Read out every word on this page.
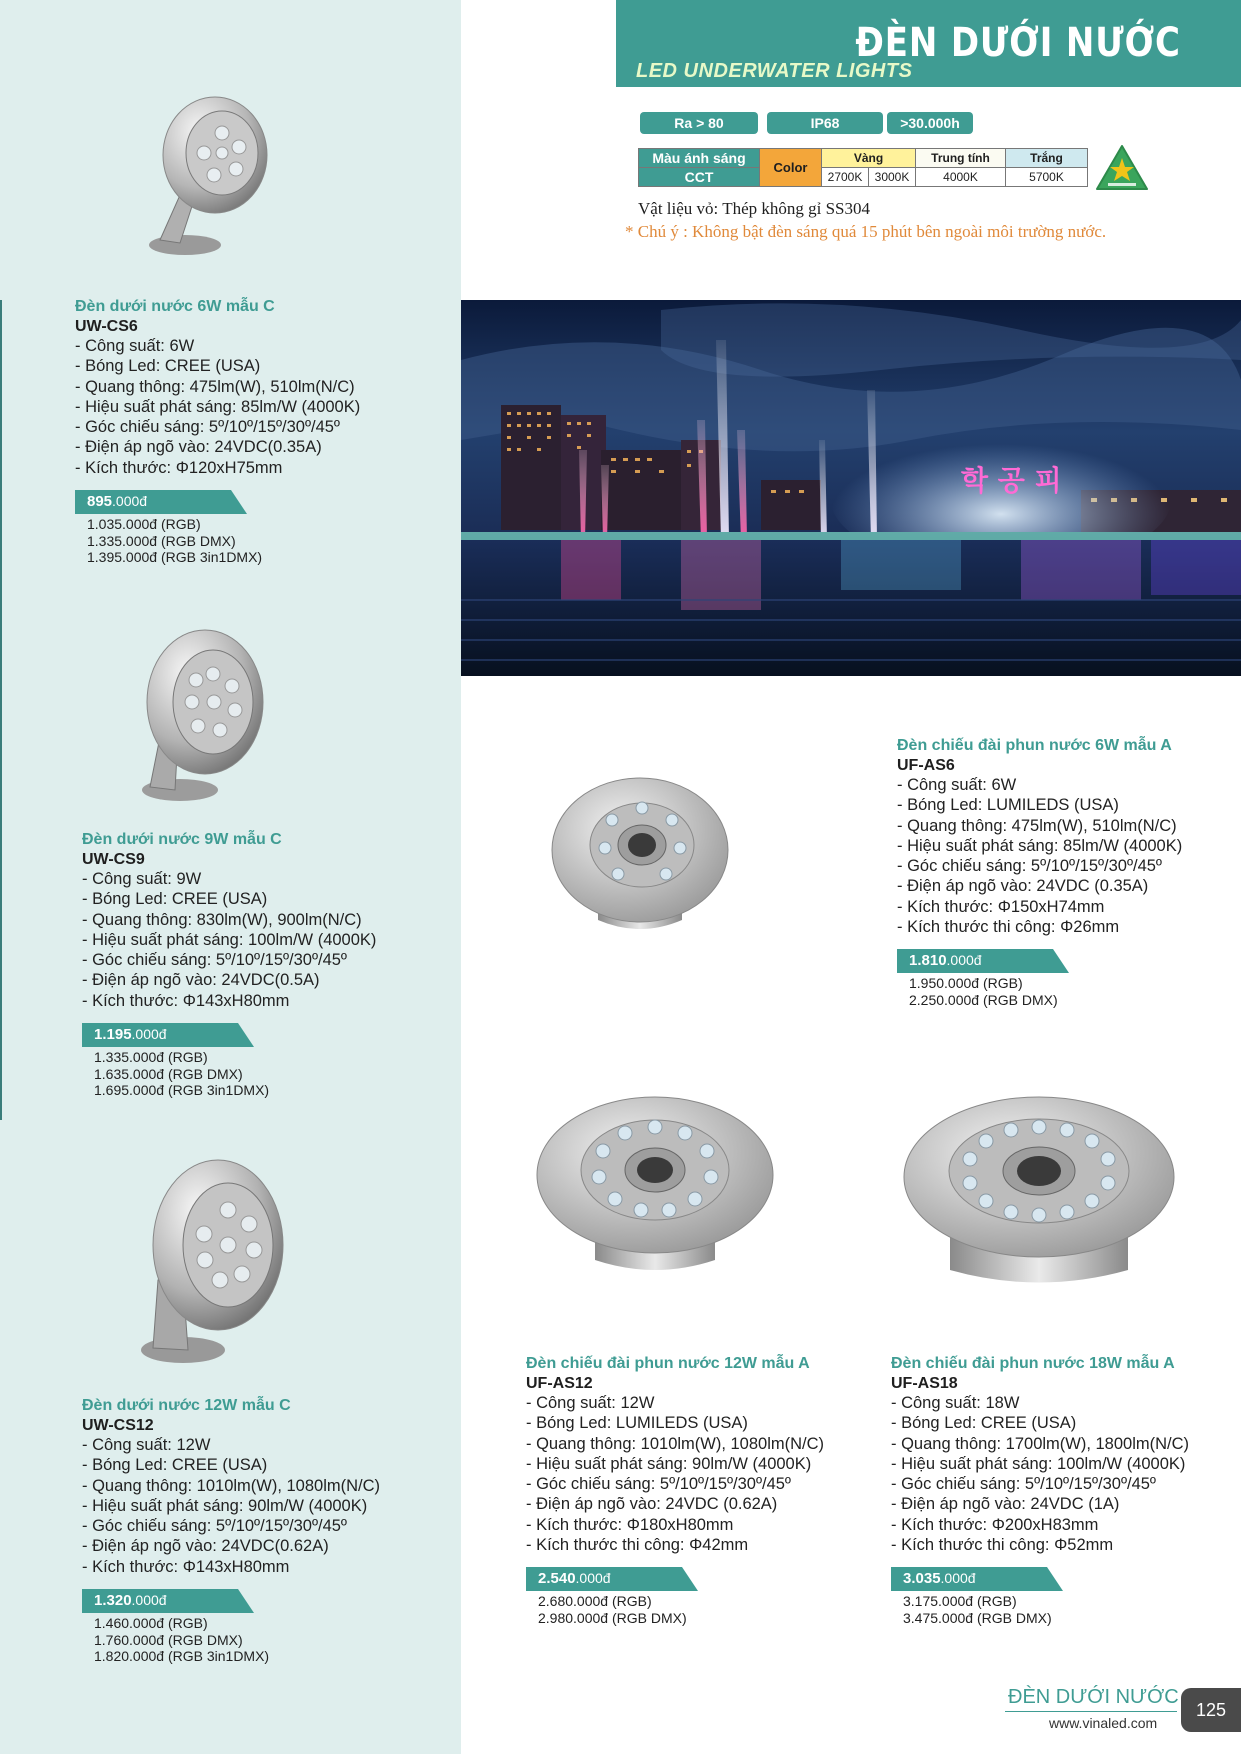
ĐÈN DƯỚI NƯỚC
LED UNDERWATER LIGHTS
Ra > 80	IP68	>30.000h
Màu ánh sáng	Color	Vàng		Trung tính	Trắng
CCT		2700K	3000K	4000K	5700K
Vật liệu vỏ: Thép không gỉ SS304
* Chú ý : Không bật đèn sáng quá 15 phút bên ngoài môi trường nước.
학 공 피
Đèn dưới nước 6W mẫu C
UW-CS6
- Công suất: 6W
- Bóng Led: CREE (USA)
- Quang thông: 475lm(W), 510lm(N/C)
- Hiệu suất phát sáng: 85lm/W (4000K)
- Góc chiếu sáng: 5º/10º/15º/30º/45º
- Điện áp ngõ vào: 24VDC(0.35A)
- Kích thước: Φ120xH75mm
895.000đ
1.035.000đ (RGB)
1.335.000đ (RGB DMX)
1.395.000đ (RGB 3in1DMX)
Đèn dưới nước 9W mẫu C
UW-CS9
- Công suất: 9W
- Bóng Led: CREE (USA)
- Quang thông: 830lm(W), 900lm(N/C)
- Hiệu suất phát sáng: 100lm/W (4000K)
- Góc chiếu sáng: 5º/10º/15º/30º/45º
- Điện áp ngõ vào: 24VDC(0.5A)
- Kích thước: Φ143xH80mm
1.195.000đ
1.335.000đ (RGB)
1.635.000đ (RGB DMX)
1.695.000đ (RGB 3in1DMX)
Đèn dưới nước 12W mẫu C
UW-CS12
- Công suất: 12W
- Bóng Led: CREE (USA)
- Quang thông: 1010lm(W), 1080lm(N/C)
- Hiệu suất phát sáng: 90lm/W (4000K)
- Góc chiếu sáng: 5º/10º/15º/30º/45º
- Điện áp ngõ vào: 24VDC(0.62A)
- Kích thước: Φ143xH80mm
1.320.000đ
1.460.000đ (RGB)
1.760.000đ (RGB DMX)
1.820.000đ (RGB 3in1DMX)
Đèn chiếu đài phun nước 6W mẫu A
UF-AS6
- Công suất: 6W
- Bóng Led: LUMILEDS (USA)
- Quang thông: 475lm(W), 510lm(N/C)
- Hiệu suất phát sáng: 85lm/W (4000K)
- Góc chiếu sáng: 5º/10º/15º/30º/45º
- Điện áp ngõ vào: 24VDC (0.35A)
- Kích thước: Φ150xH74mm
- Kích thước thi công: Φ26mm
1.810.000đ
1.950.000đ (RGB)
2.250.000đ (RGB DMX)
Đèn chiếu đài phun nước 12W mẫu A
UF-AS12
- Công suất: 12W
- Bóng Led: LUMILEDS (USA)
- Quang thông: 1010lm(W), 1080lm(N/C)
- Hiệu suất phát sáng: 90lm/W (4000K)
- Góc chiếu sáng: 5º/10º/15º/30º/45º
- Điện áp ngõ vào: 24VDC (0.62A)
- Kích thước: Φ180xH80mm
- Kích thước thi công: Φ42mm
2.540.000đ
2.680.000đ (RGB)
2.980.000đ (RGB DMX)
Đèn chiếu đài phun nước 18W mẫu A
UF-AS18
- Công suất: 18W
- Bóng Led: CREE (USA)
- Quang thông: 1700lm(W), 1800lm(N/C)
- Hiệu suất phát sáng: 100lm/W (4000K)
- Góc chiếu sáng: 5º/10º/15º/30º/45º
- Điện áp ngõ vào: 24VDC (1A)
- Kích thước: Φ200xH83mm
- Kích thước thi công: Φ52mm
3.035.000đ
3.175.000đ (RGB)
3.475.000đ (RGB DMX)
ĐÈN DƯỚI NƯỚC
www.vinaled.com
125
